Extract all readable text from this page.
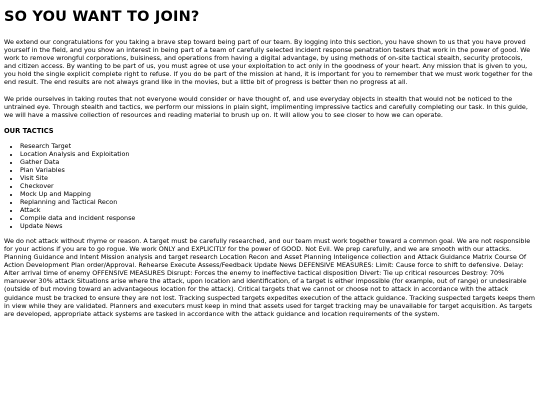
SO YOU WANT TO JOIN?

We extend our congratulations for you taking a brave step toward being part of our team. By logging into this section, you have shown to us that you have proved yourself in the field, and you show an interest in being part of a team of carefully selected incident response penatration testers that work in the power of good. We work to remove wrongful corporations, buisiness, and operations from having a digital advantage, by using methods of on-site tactical stealth, security protocols, and citizen access. By wanting to be part of us, you must agree ot use your exploitation to act only in the goodness of your heart. Any mission that is given to you, you hold the single explicit complete right to refuse. If you do be part of the mission at hand, it is important for you to remember that we must work together for the end result. The end results are not always grand like in the movies, but a little bit of progress is better then no progress at all.

We pride ourselves in taking routes that not everyone would consider or have thought of, and use everyday objects in stealth that would not be noticed to the untrained eye. Through stealth and tactics, we perform our missions in plain sight, implimenting impressive tactics and carefully completing our task. In this guide, we will have a massive collection of resources and reading material to brush up on. It will allow you to see closer to how we can operate.

OUR TACTICS
• Research Target
• Location Analysis and Exploitation
• Gather Data
• Plan Variables
• Visit Site
• Checkover
• Mock Up and Mapping
• Replanning and Tactical Recon
• Attack
• Compile data and incident response
• Update News

We do not attack without rhyme or reason. A target must be carefully researched, and our team must work together toward a common goal. We are not responsible for your actions if you are to go rogue. We work ONLY and EXPLICITLY for the power of GOOD. Not Evil. We prep carefully, and we are smooth with our attacks. Planning Guidance and Intent Mission analysis and target research Location Recon and Asset Planning Inteligence collection and Attack Guidance Matrix Course Of Action Development Plan order/Approval. Rehearse Execute Assess/Feedback Update News DEFENSIVE MEASURES: Limit: Cause force to shift to defensive. Delay: Alter arrival time of enemy OFFENSIVE MEASURES Disrupt: Forces the enemy to ineffective tactical disposition Divert: Tie up critical resources Destroy: 70% manuever 30% attack Situations arise where the attack, upon location and identification, of a target is either impossible (for example, out of range) or undesirable (outside of but moving toward an advantageous location for the attack). Critical targets that we cannot or choose not to attack in accordance with the attack guidance must be tracked to ensure they are not lost. Tracking suspected targets expedites execution of the attack guidance. Tracking suspected targets keeps them in view while they are validated. Planners and executers must keep in mind that assets used for target tracking may be unavailable for target acquisition. As targets are developed, appropriate attack systems are tasked in accordance with the attack guidance and location requirements of the system.
